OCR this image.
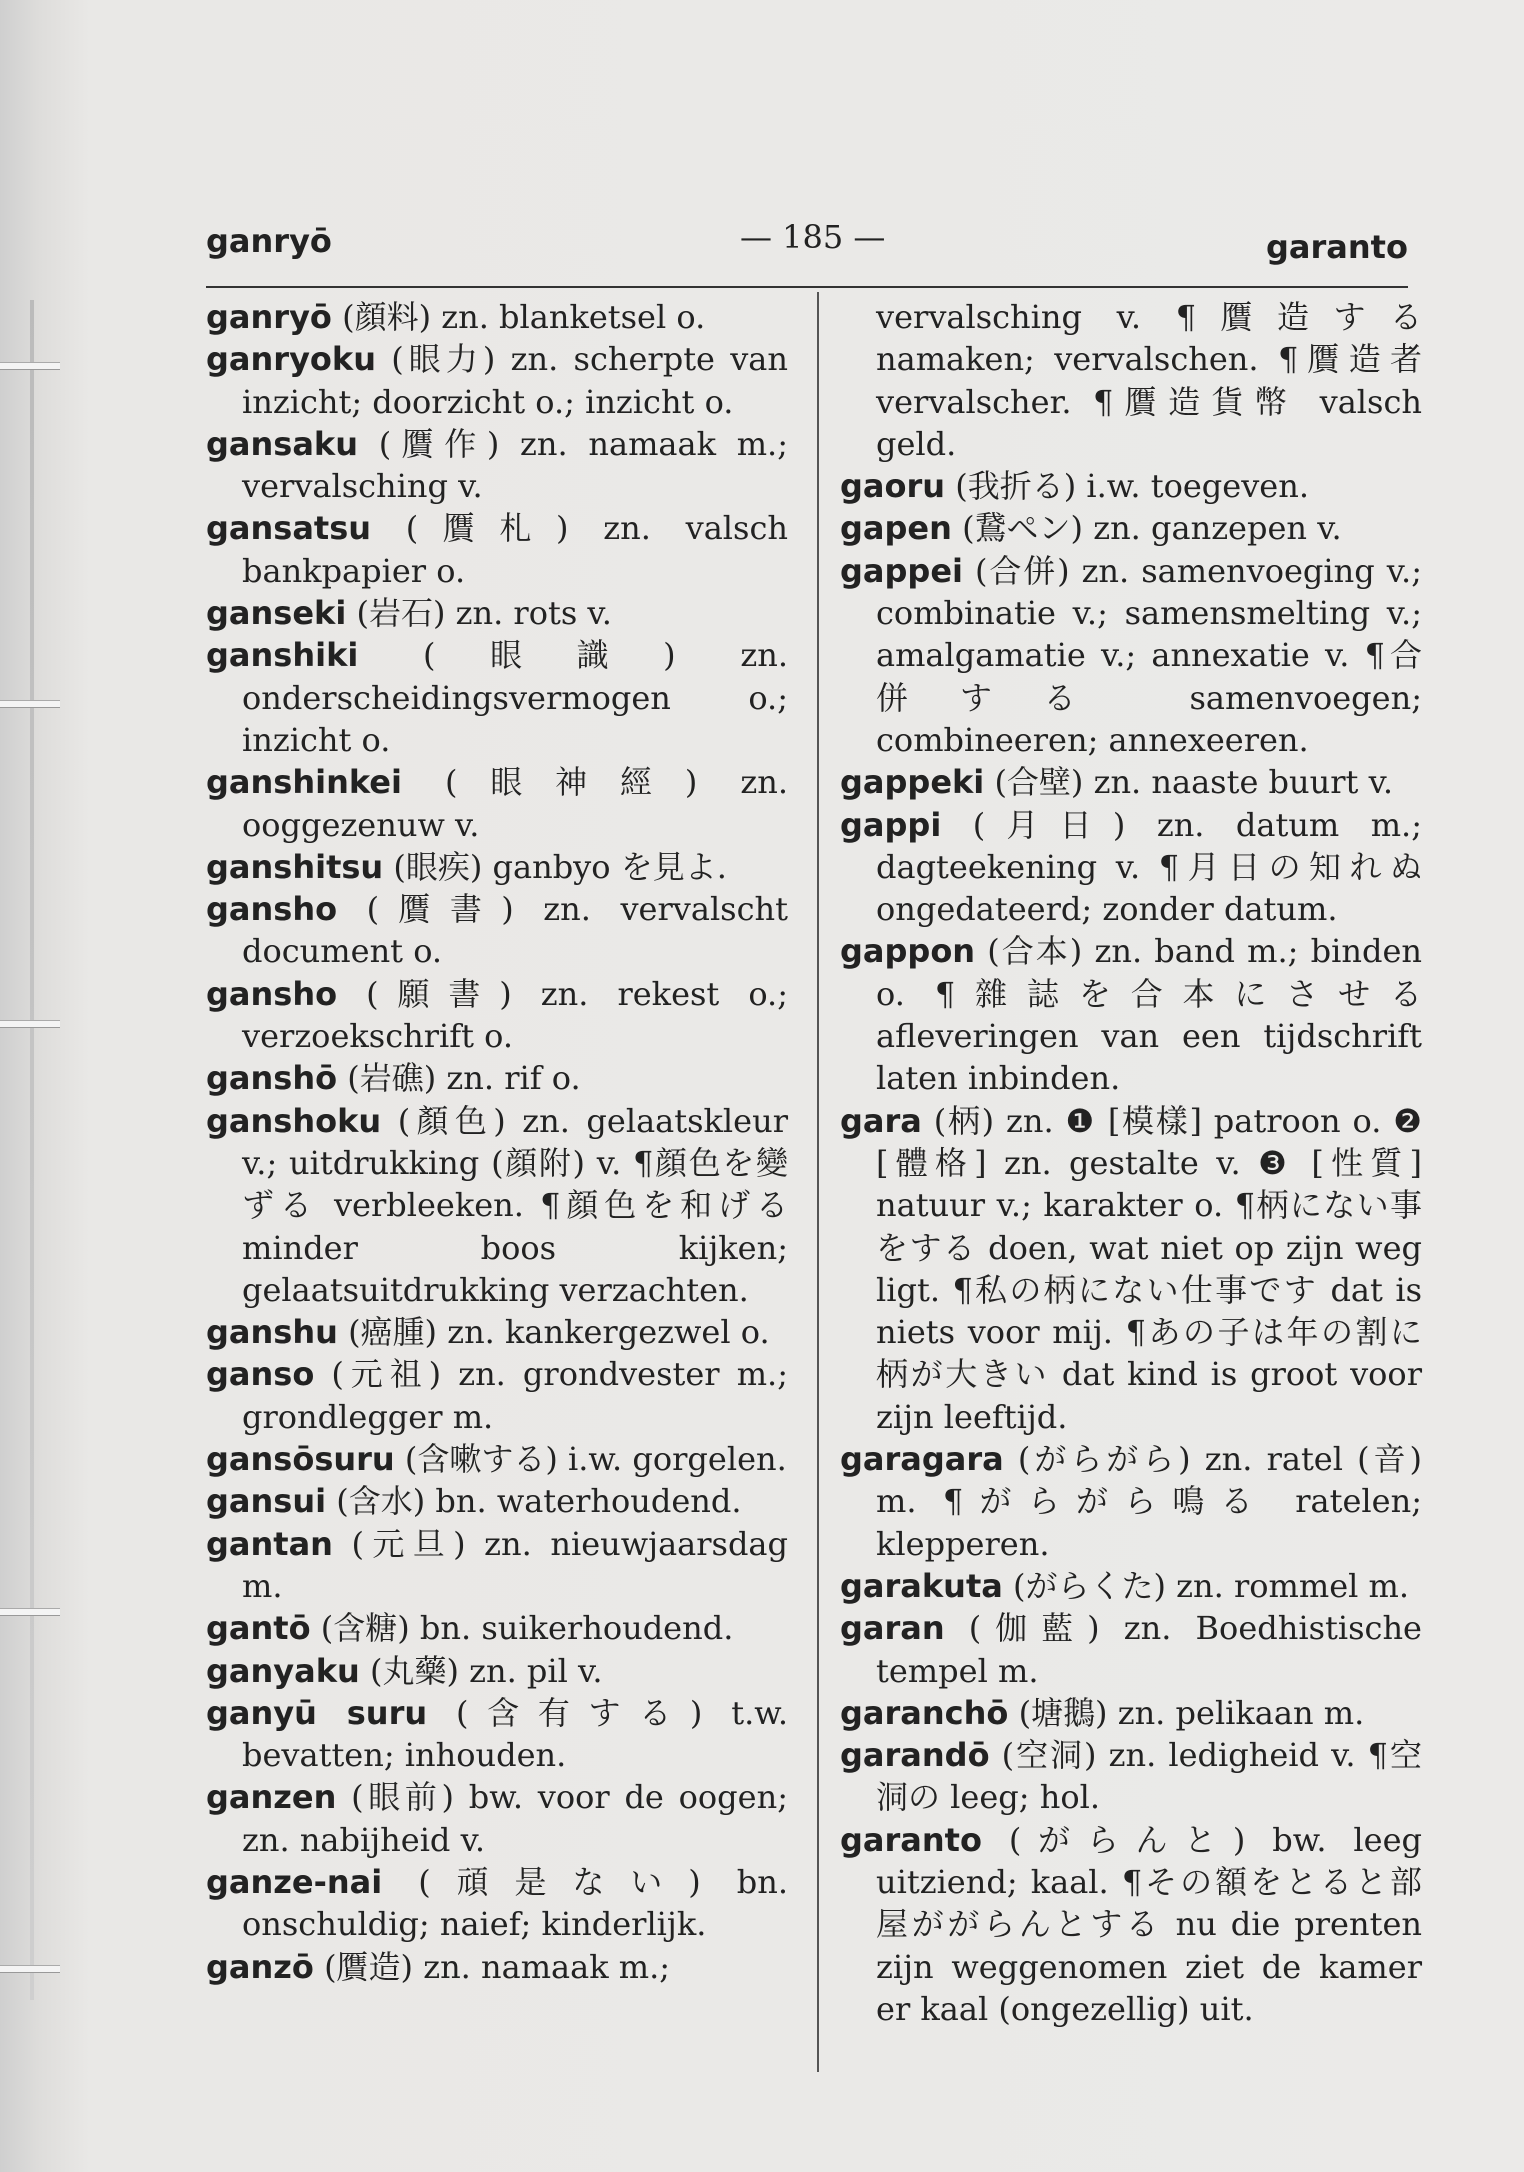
ganryō	— 185 —	garanto

ganryō (顔料) zn. blanketsel o.

ganryoku (眼力) zn. scherpte van inzicht; doorzicht o.; inzicht o.

gansaku (贋作) zn. namaak m.; vervalsching v.

gansatsu (贋札) zn. valsch bankpapier o.

ganseki (岩石) zn. rots v.

ganshiki (眼識) zn. onderscheidingsvermogen o.; inzicht o.

ganshinkei (眼神經) zn. ooggezenuw v.

ganshitsu (眼疾) ganbyo を見よ.

gansho (贋書) zn. vervalscht document o.

gansho (願書) zn. rekest o.; verzoekschrift o.

ganshō (岩礁) zn. rif o.

ganshoku (顏色) zn. gelaatskleur v.; uitdrukking (顔附) v. ¶顔色を變ずる verbleeken. ¶顔色を和げる minder boos kijken; gelaatsuitdrukking verzachten.

ganshu (癌腫) zn. kankergezwel o.

ganso (元祖) zn. grondvester m.; grondlegger m.

gansōsuru (含嗽する) i.w. gorgelen.

gansui (含水) bn. waterhoudend.

gantan (元旦) zn. nieuwjaarsdag m.

gantō (含糖) bn. suikerhoudend.

ganyaku (丸藥) zn. pil v.

ganyū suru (含有する) t.w. bevatten; inhouden.

ganzen (眼前) bw. voor de oogen; zn. nabijheid v.

ganze-nai (頑是ない) bn. onschuldig; naief; kinderlijk.

ganzō (贋造) zn. namaak m.;

vervalsching v. ¶贋造する namaken; vervalschen. ¶贋造者 vervalscher. ¶贋造貨幣 valsch geld.

gaoru (我折る) i.w. toegeven.

gapen (鵞ペン) zn. ganzepen v.

gappei (合併) zn. samenvoeging v.; combinatie v.; samensmelting v.; amalgamatie v.; annexatie v. ¶合併する samenvoegen; combineeren; annexeeren.

gappeki (合壁) zn. naaste buurt v.

gappi (月日) zn. datum m.; dagteekening v. ¶月日の知れぬ ongedateerd; zonder datum.

gappon (合本) zn. band m.; binden o. ¶雜誌を合本にさせる afleveringen van een tijdschrift laten inbinden.

gara (柄) zn. ❶ [模樣] patroon o. ❷ [體格] zn. gestalte v. ❸ [性質] natuur v.; karakter o. ¶柄にない事をする doen, wat niet op zijn weg ligt. ¶私の柄にない仕事です dat is niets voor mij. ¶あの子は年の割に柄が大きい dat kind is groot voor zijn leeftijd.

garagara (がらがら) zn. ratel (音) m. ¶がらがら鳴る ratelen; klepperen.

garakuta (がらくた) zn. rommel m.

garan (伽藍) zn. Boedhistische tempel m.

garanchō (塘鵝) zn. pelikaan m.

garandō (空洞) zn. ledigheid v. ¶空洞の leeg; hol.

garanto (がらんと) bw. leeg uitziend; kaal. ¶その額をとると部屋ががらんとする nu die prenten zijn weggenomen ziet de kamer er kaal (ongezellig) uit.
